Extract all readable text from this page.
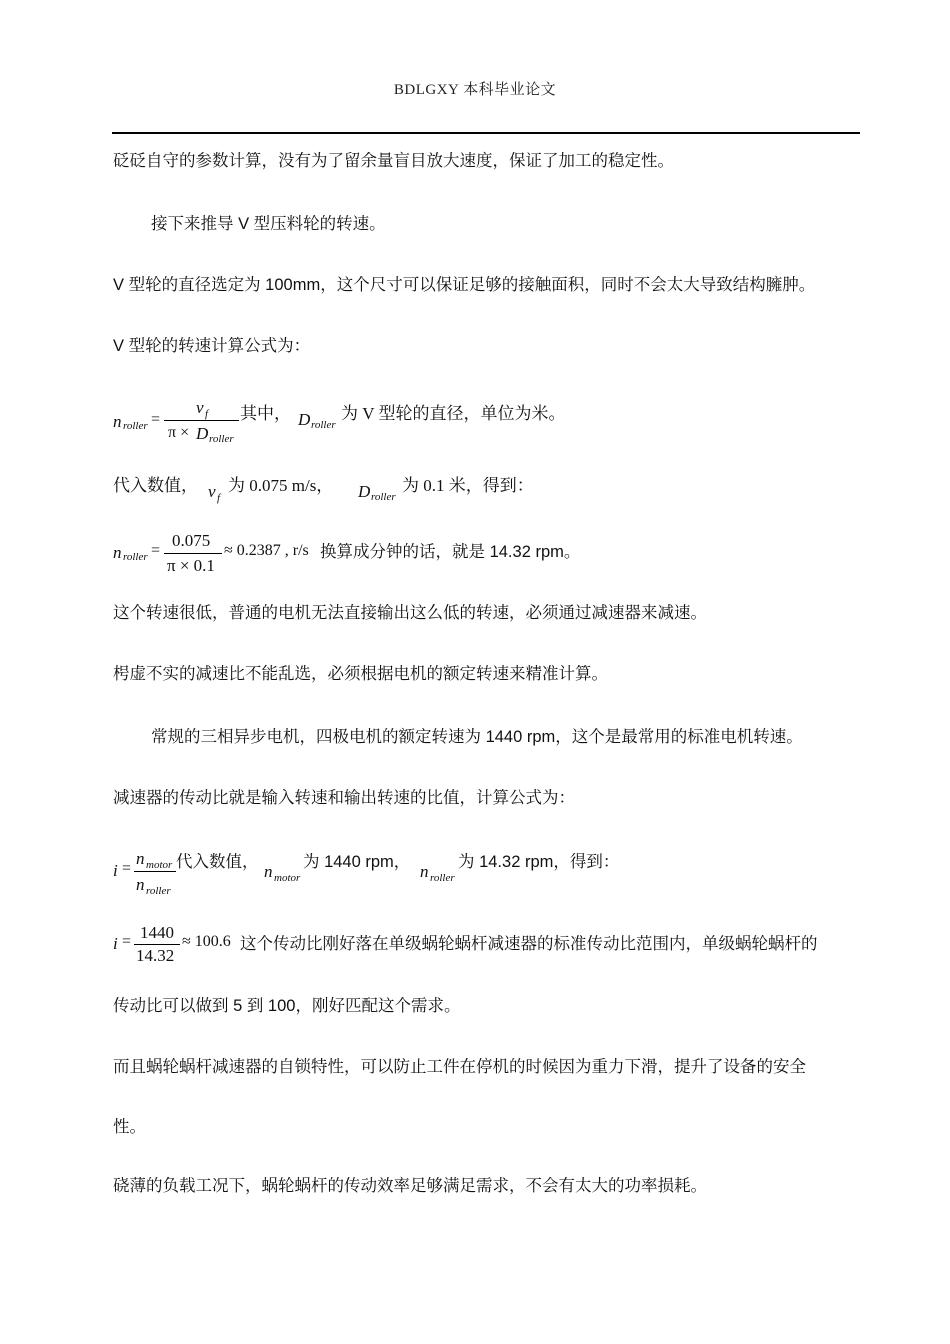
BDLGXY 本科毕业论文
砭砭自守的参数计算，没有为了留余量盲目放大速度，保证了加工的稳定性。
接下来推导 V 型压料轮的转速。
V 型轮的直径选定为 100mm，这个尺寸可以保证足够的接触面积，同时不会太大导致结构臃肿。
V 型轮的转速计算公式为：
n roller =
v f
π × D roller
其中， D roller
为 V 型轮的直径，单位为米。
代入数值， v f
为 0.075 m/s， D roller
为 0.1 米，得到：
n roller =
0.075
π × 0.1
≈ 0.2387 , r/s 换算成分钟的话，就是 14.32 rpm。
这个转速很低，普通的电机无法直接输出这么低的转速，必须通过减速器来减速。
枵虚不实的减速比不能乱选，必须根据电机的额定转速来精准计算。
常规的三相异步电机，四极电机的额定转速为 1440 rpm，这个是最常用的标准电机转速。
减速器的传动比就是输入转速和输出转速的比值，计算公式为：
i =
n motor
n roller
代入数值， n motor
为 1440 rpm， n roller
为 14.32 rpm，得到：
i = 1440
14.32
≈ 100.6 这个传动比刚好落在单级蜗轮蜗杆减速器的标准传动比范围内，单级蜗轮蜗杆的
传动比可以做到 5 到 100，刚好匹配这个需求。
而且蜗轮蜗杆减速器的自锁特性，可以防止工件在停机的时候因为重力下滑，提升了设备的安全
性。
硗薄的负载工况下，蜗轮蜗杆的传动效率足够满足需求，不会有太大的功率损耗。
